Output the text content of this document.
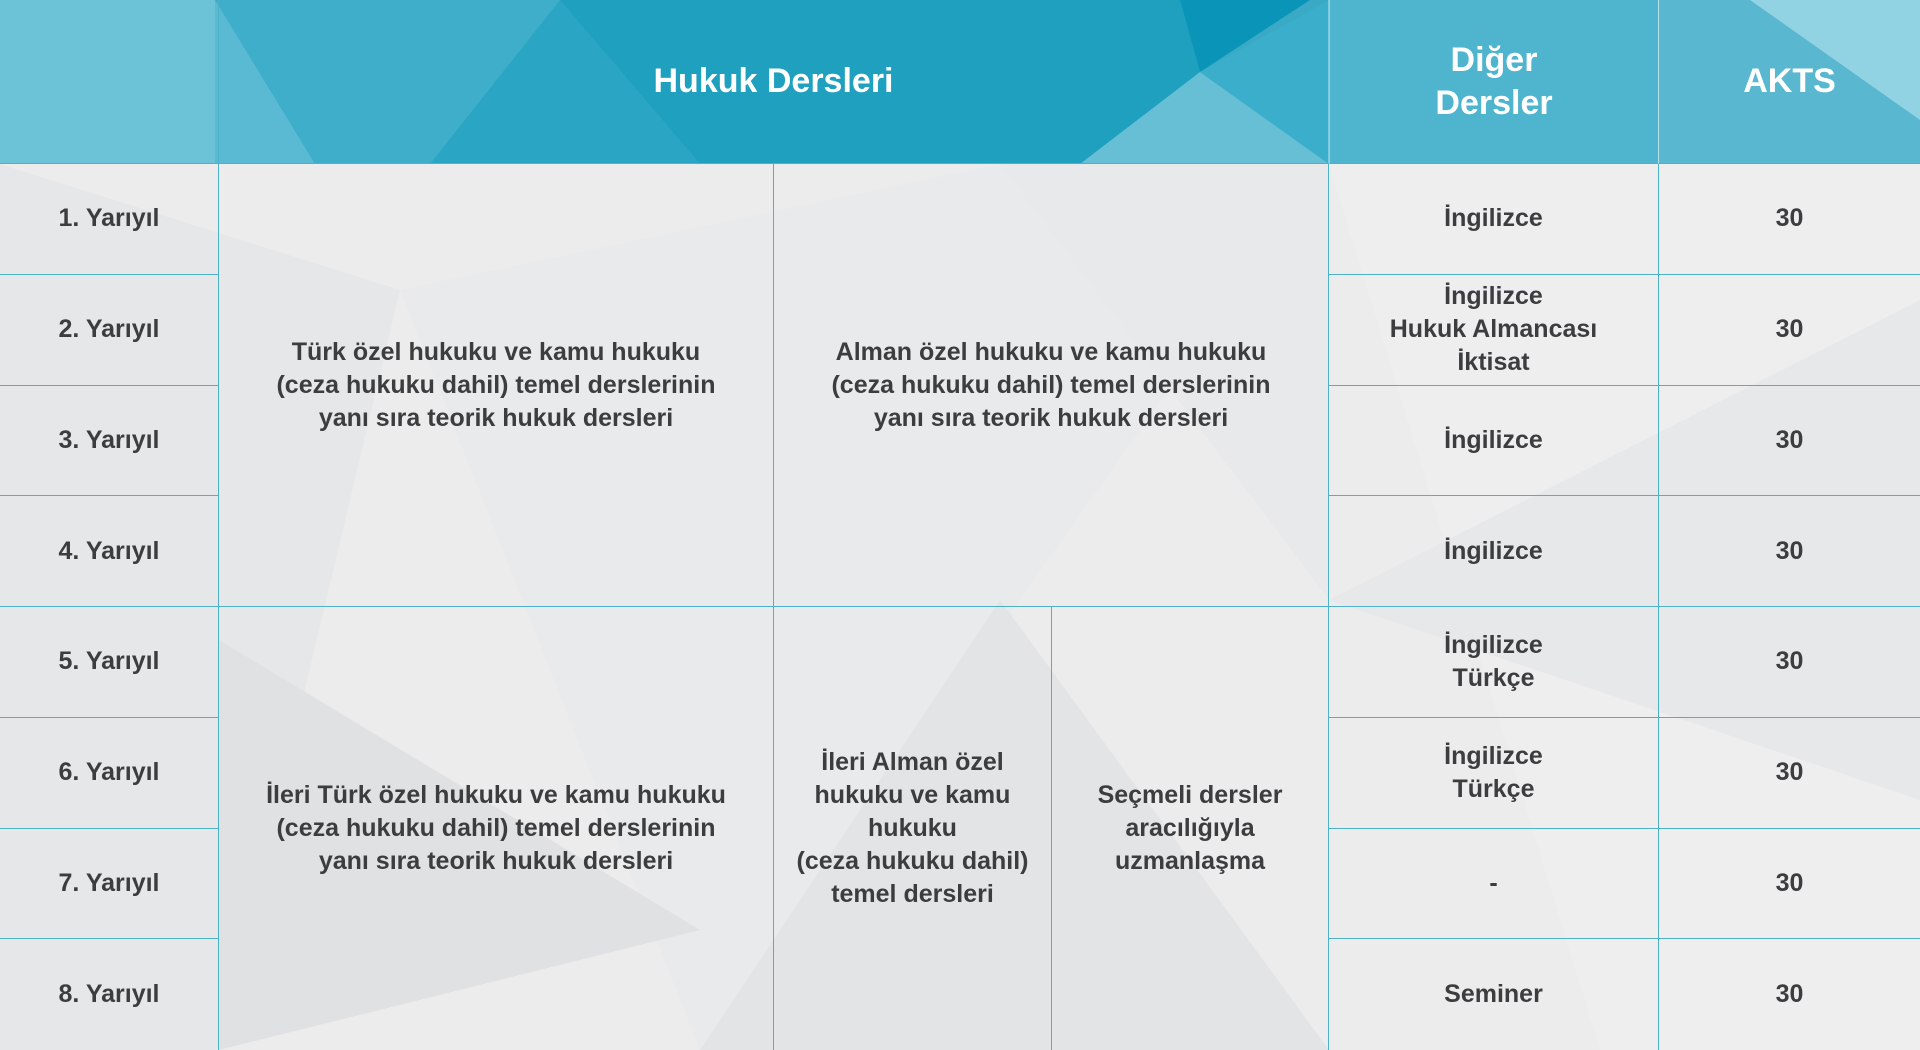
Hukuk Dersleri
Diğer
Dersler
AKTS
1. Yarıyıl
2. Yarıyıl
3. Yarıyıl
4. Yarıyıl
5. Yarıyıl
6. Yarıyıl
7. Yarıyıl
8. Yarıyıl
Türk özel hukuku ve kamu hukuku
(ceza hukuku dahil) temel derslerinin
yanı sıra teorik hukuk dersleri
Alman özel hukuku ve kamu hukuku
(ceza hukuku dahil) temel derslerinin
yanı sıra teorik hukuk dersleri
İleri Türk özel hukuku ve kamu hukuku
(ceza hukuku dahil) temel derslerinin
yanı sıra teorik hukuk dersleri
İleri Alman özel
hukuku ve kamu
hukuku
(ceza hukuku dahil)
temel dersleri
Seçmeli dersler
aracılığıyla
uzmanlaşma
İngilizce
İngilizce
Hukuk Almancası
İktisat
İngilizce
İngilizce
İngilizce
Türkçe
İngilizce
Türkçe
-
Seminer
30
30
30
30
30
30
30
30
